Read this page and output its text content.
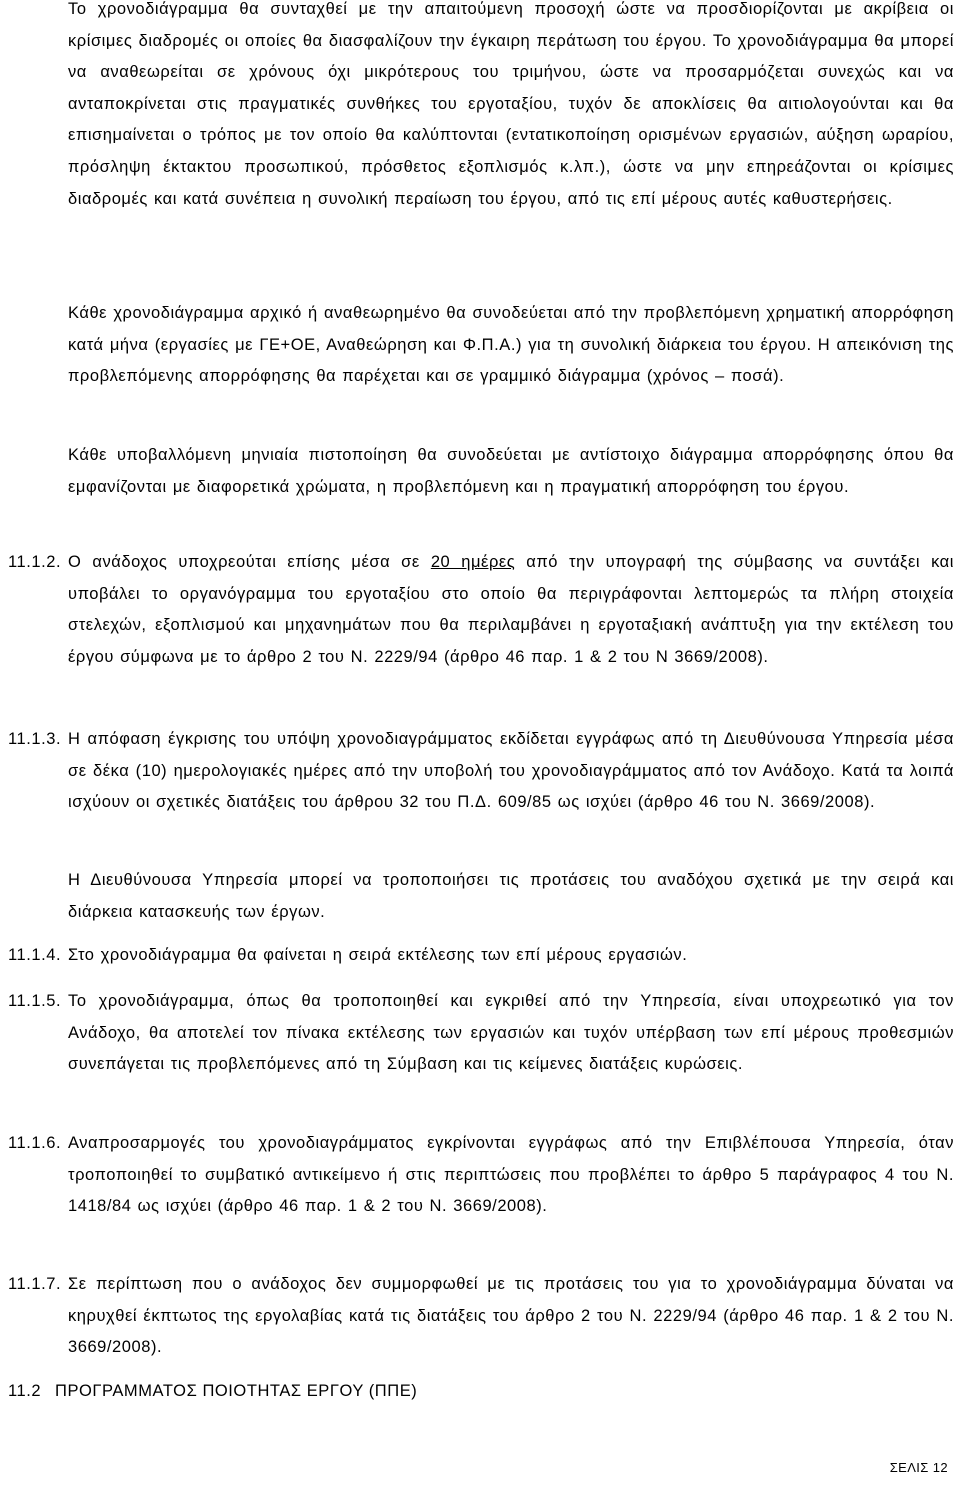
Το χρονοδιάγραμμα θα συνταχθεί με την απαιτούμενη προσοχή ώστε να προσδιορίζονται με ακρίβεια οι κρίσιμες διαδρομές οι οποίες θα διασφαλίζουν την έγκαιρη περάτωση του έργου. Το χρονοδιάγραμμα θα μπορεί να αναθεωρείται σε χρόνους όχι μικρότερους του τριμήνου, ώστε να προσαρμόζεται συνεχώς και να ανταποκρίνεται στις πραγματικές συνθήκες του εργοταξίου, τυχόν δε αποκλίσεις θα αιτιολογούνται και θα επισημαίνεται ο τρόπος με τον οποίο θα καλύπτονται (εντατικοποίηση ορισμένων εργασιών, αύξηση ωραρίου, πρόσληψη έκτακτου προσωπικού, πρόσθετος εξοπλισμός κ.λπ.), ώστε να μην επηρεάζονται οι κρίσιμες διαδρομές και κατά συνέπεια η συνολική περαίωση του έργου, από τις επί μέρους αυτές καθυστερήσεις.

Κάθε χρονοδιάγραμμα αρχικό ή αναθεωρημένο θα συνοδεύεται από την προβλεπόμενη χρηματική απορρόφηση κατά μήνα (εργασίες με ΓΕ+ΟΕ, Αναθεώρηση και Φ.Π.Α.) για τη συνολική διάρκεια του έργου. Η απεικόνιση της προβλεπόμενης απορρόφησης θα παρέχεται και σε γραμμικό διάγραμμα (χρόνος – ποσά).

Κάθε υποβαλλόμενη μηνιαία πιστοποίηση θα συνοδεύεται με αντίστοιχο διάγραμμα απορρόφησης όπου θα εμφανίζονται με διαφορετικά χρώματα, η προβλεπόμενη και η πραγματική απορρόφηση του έργου.

11.1.2. Ο ανάδοχος υποχρεούται επίσης μέσα σε 20 ημέρες από την υπογραφή της σύμβασης να συντάξει και υποβάλει το οργανόγραμμα του εργοταξίου στο οποίο θα περιγράφονται λεπτομερώς τα πλήρη στοιχεία στελεχών, εξοπλισμού και μηχανημάτων που θα περιλαμβάνει η εργοταξιακή ανάπτυξη για την εκτέλεση του έργου σύμφωνα με το άρθρο 2 του Ν. 2229/94 (άρθρο 46 παρ. 1 & 2 του Ν 3669/2008).
11.1.3. Η απόφαση έγκρισης του υπόψη χρονοδιαγράμματος εκδίδεται εγγράφως από τη Διευθύνουσα Υπηρεσία μέσα σε δέκα (10) ημερολογιακές ημέρες από την υποβολή του χρονοδιαγράμματος από τον Ανάδοχο. Κατά τα λοιπά ισχύουν οι σχετικές διατάξεις του άρθρου 32 του Π.Δ. 609/85 ως ισχύει (άρθρο 46 του Ν. 3669/2008).
Η Διευθύνουσα Υπηρεσία μπορεί να τροποποιήσει τις προτάσεις του αναδόχου σχετικά με την σειρά και διάρκεια κατασκευής των έργων.
11.1.4. Στο χρονοδιάγραμμα θα φαίνεται η σειρά εκτέλεσης των επί μέρους εργασιών.
11.1.5. Το χρονοδιάγραμμα, όπως θα τροποποιηθεί και εγκριθεί από την Υπηρεσία, είναι υποχρεωτικό για τον Ανάδοχο, θα αποτελεί τον πίνακα εκτέλεσης των εργασιών και τυχόν υπέρβαση των επί μέρους προθεσμιών συνεπάγεται τις προβλεπόμενες από τη Σύμβαση και τις κείμενες διατάξεις κυρώσεις.
11.1.6. Αναπροσαρμογές του χρονοδιαγράμματος εγκρίνονται εγγράφως από την Επιβλέπουσα Υπηρεσία, όταν τροποποιηθεί το συμβατικό αντικείμενο ή στις περιπτώσεις που προβλέπει το άρθρο 5 παράγραφος 4 του Ν. 1418/84 ως ισχύει (άρθρο 46 παρ. 1 & 2 του Ν. 3669/2008).
11.1.7. Σε περίπτωση που ο ανάδοχος δεν συμμορφωθεί με τις προτάσεις του για το χρονοδιάγραμμα δύναται να κηρυχθεί έκπτωτος της εργολαβίας κατά τις διατάξεις του άρθρο 2 του Ν. 2229/94 (άρθρο 46 παρ. 1 & 2 του Ν. 3669/2008).
11.2 ΠΡΟΓΡΑΜΜΑΤΟΣ ΠΟΙΟΤΗΤΑΣ ΕΡΓΟΥ (ΠΠΕ)
ΣΕΛΙΣ 12
